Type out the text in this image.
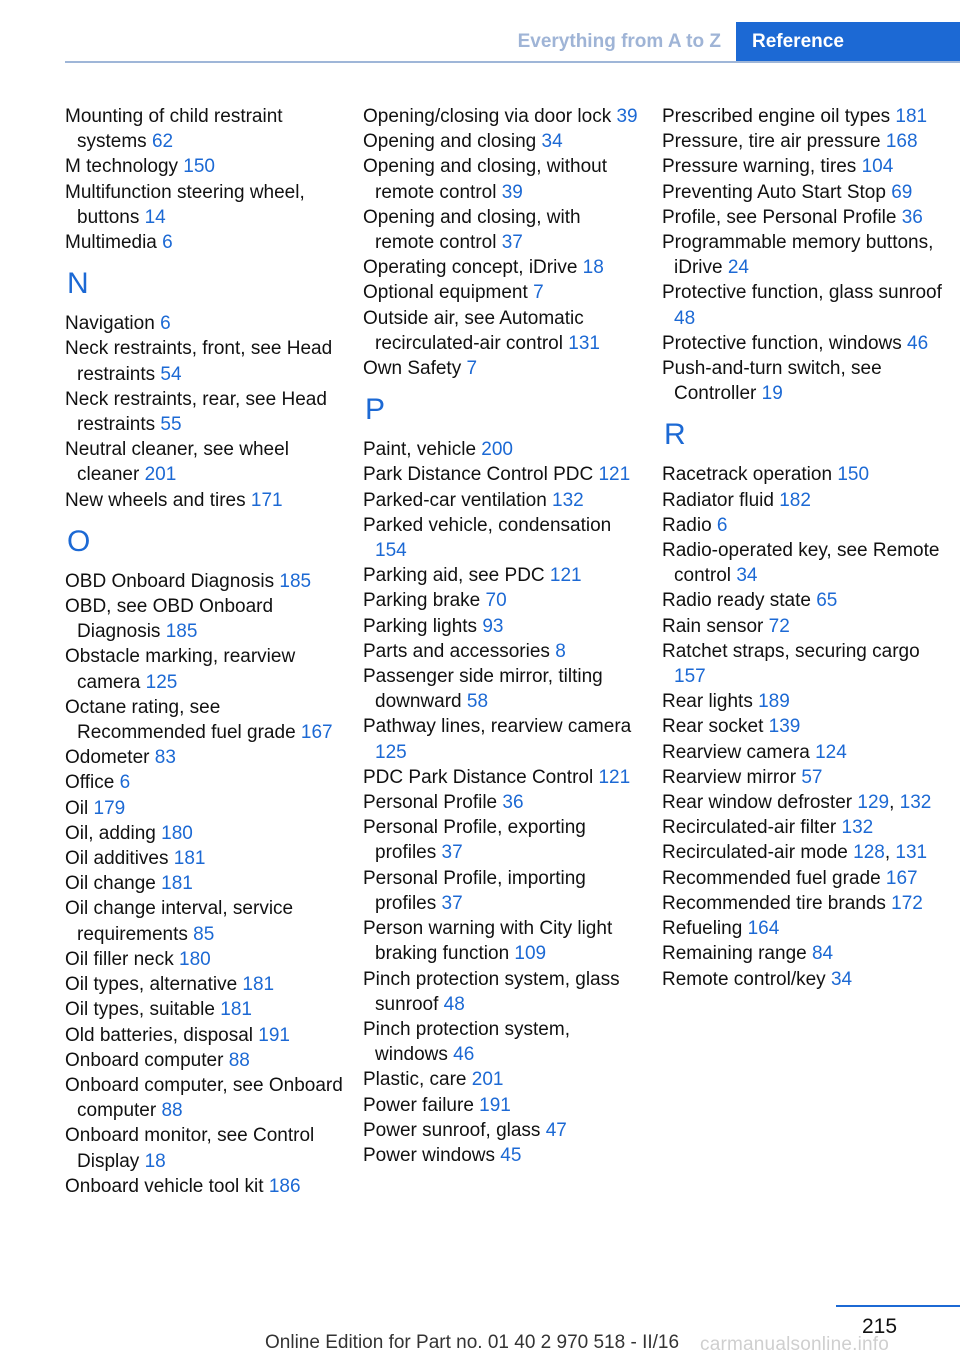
Everything from A to Z	Reference
Mounting of child restraint systems 62
M technology 150
Multifunction steering wheel, buttons 14
Multimedia 6
N
Navigation 6
Neck restraints, front, see Head restraints 54
Neck restraints, rear, see Head restraints 55
Neutral cleaner, see wheel cleaner 201
New wheels and tires 171
O
OBD Onboard Diagnosis 185
OBD, see OBD Onboard Diagnosis 185
Obstacle marking, rearview camera 125
Octane rating, see Recommended fuel grade 167
Odometer 83
Office 6
Oil 179
Oil, adding 180
Oil additives 181
Oil change 181
Oil change interval, service requirements 85
Oil filler neck 180
Oil types, alternative 181
Oil types, suitable 181
Old batteries, disposal 191
Onboard computer 88
Onboard computer, see Onboard computer 88
Onboard monitor, see Control Display 18
Onboard vehicle tool kit 186
Opening/closing via door lock 39
Opening and closing 34
Opening and closing, without remote control 39
Opening and closing, with remote control 37
Operating concept, iDrive 18
Optional equipment 7
Outside air, see Automatic recirculated-air control 131
Own Safety 7
P
Paint, vehicle 200
Park Distance Control PDC 121
Parked-car ventilation 132
Parked vehicle, condensation 154
Parking aid, see PDC 121
Parking brake 70
Parking lights 93
Parts and accessories 8
Passenger side mirror, tilting downward 58
Pathway lines, rearview camera 125
PDC Park Distance Control 121
Personal Profile 36
Personal Profile, exporting profiles 37
Personal Profile, importing profiles 37
Person warning with City light braking function 109
Pinch protection system, glass sunroof 48
Pinch protection system, windows 46
Plastic, care 201
Power failure 191
Power sunroof, glass 47
Power windows 45
Prescribed engine oil types 181
Pressure, tire air pressure 168
Pressure warning, tires 104
Preventing Auto Start Stop 69
Profile, see Personal Profile 36
Programmable memory buttons, iDrive 24
Protective function, glass sunroof 48
Protective function, windows 46
Push-and-turn switch, see Controller 19
R
Racetrack operation 150
Radiator fluid 182
Radio 6
Radio-operated key, see Remote control 34
Radio ready state 65
Rain sensor 72
Ratchet straps, securing cargo 157
Rear lights 189
Rear socket 139
Rearview camera 124
Rearview mirror 57
Rear window defroster 129, 132
Recirculated-air filter 132
Recirculated-air mode 128, 131
Recommended fuel grade 167
Recommended tire brands 172
Refueling 164
Remaining range 84
Remote control/key 34
215
Online Edition for Part no. 01 40 2 970 518 - II/16 carmanualsonline.info
